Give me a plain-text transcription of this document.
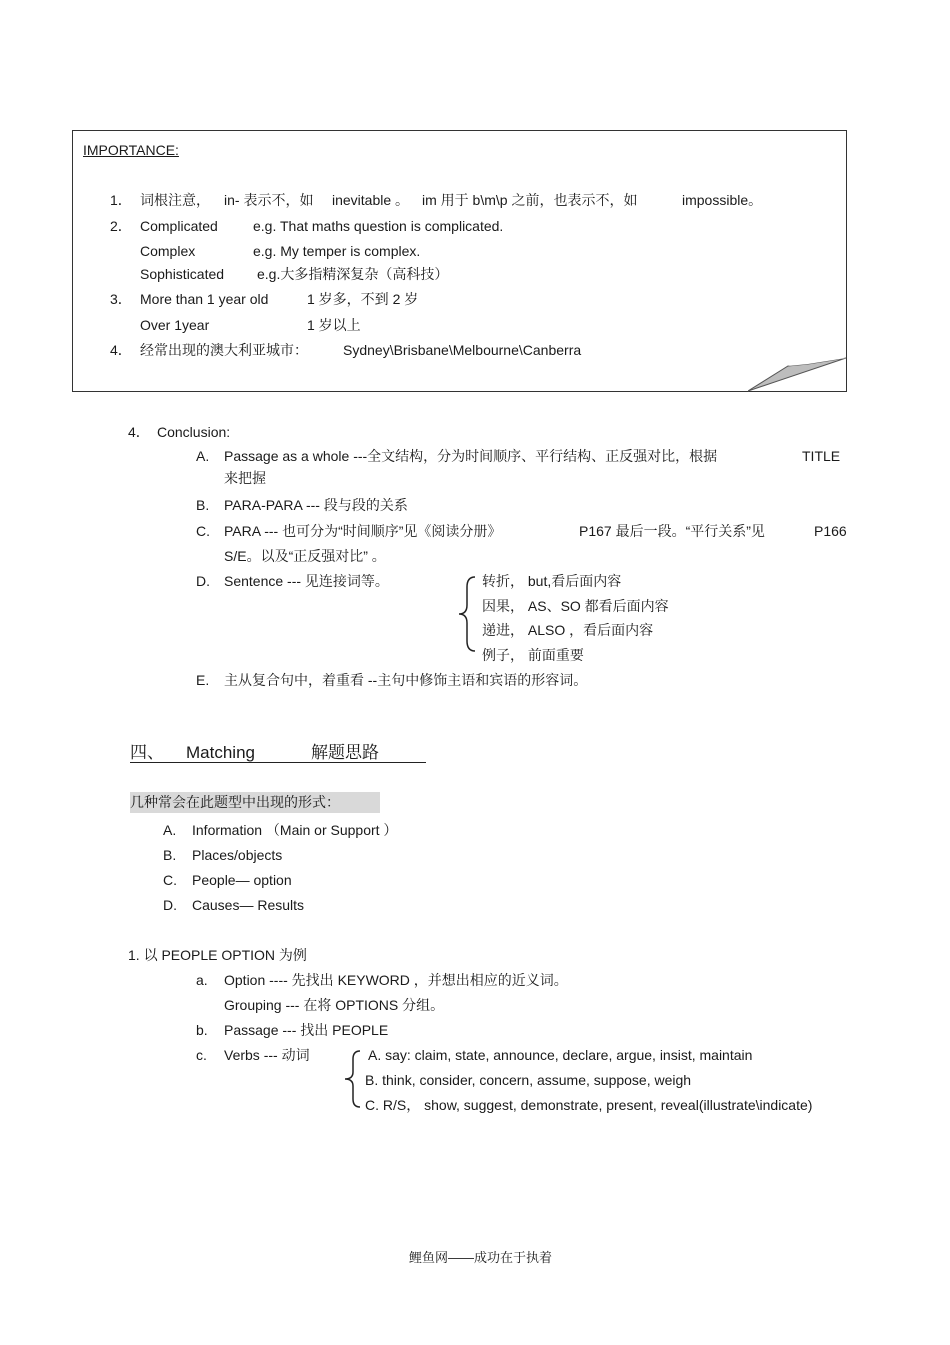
IMPORTANCE:
1． 词根注意， in- 表示不，如 inevitable 。 im 用于 b\m\p 之前，也表示不，如	impossible。
2． Complicated	e.g. That maths question is complicated.
Complex	e.g. My temper is complex.
Sophisticated e.g.大多指精深复杂（高科技）
3． More than 1 year old	1 岁多，不到 2 岁
Over 1year	1 岁以上
4． 经常出现的澳大利亚城市：	Sydney\Brisbane\Melbourne\Canberra
4． Conclusion:
A. Passage as a whole ---全文结构，分为时间顺序、平行结构、正反强对比，根据	TITLE
来把握
B. PARA-PARA --- 段与段的关系
C. PARA --- 也可分为“时间顺序”见《阅读分册》	P167 最后一段。“平行关系”见	P166
S/E。以及“正反强对比” 。
D. Sentence --- 见连接词等。	转折， but,看后面内容
因果， AS、SO 都看后面内容
递进， ALSO ，看后面内容
例子， 前面重要
E. 主从复合句中，着重看 --主句中修饰主语和宾语的形容词。
四、 Matching	解题思路
几种常会在此题型中出现的形式：
A. Information （Main or Support ）
B. Places/objects
C. People— option
D. Causes— Results
1. 以 PEOPLE OPTION 为例
a. Option ---- 先找出 KEYWORD ，并想出相应的近义词。
Grouping --- 在将 OPTIONS 分组。
b. Passage --- 找出 PEOPLE
c. Verbs --- 动词	A. say: claim, state, announce, declare, argue, insist, maintain
B. think, consider, concern, assume, suppose, weigh
C. R/S， show, suggest, demonstrate, present, reveal(illustrate\indicate)
鲤鱼网——成功在于执着
